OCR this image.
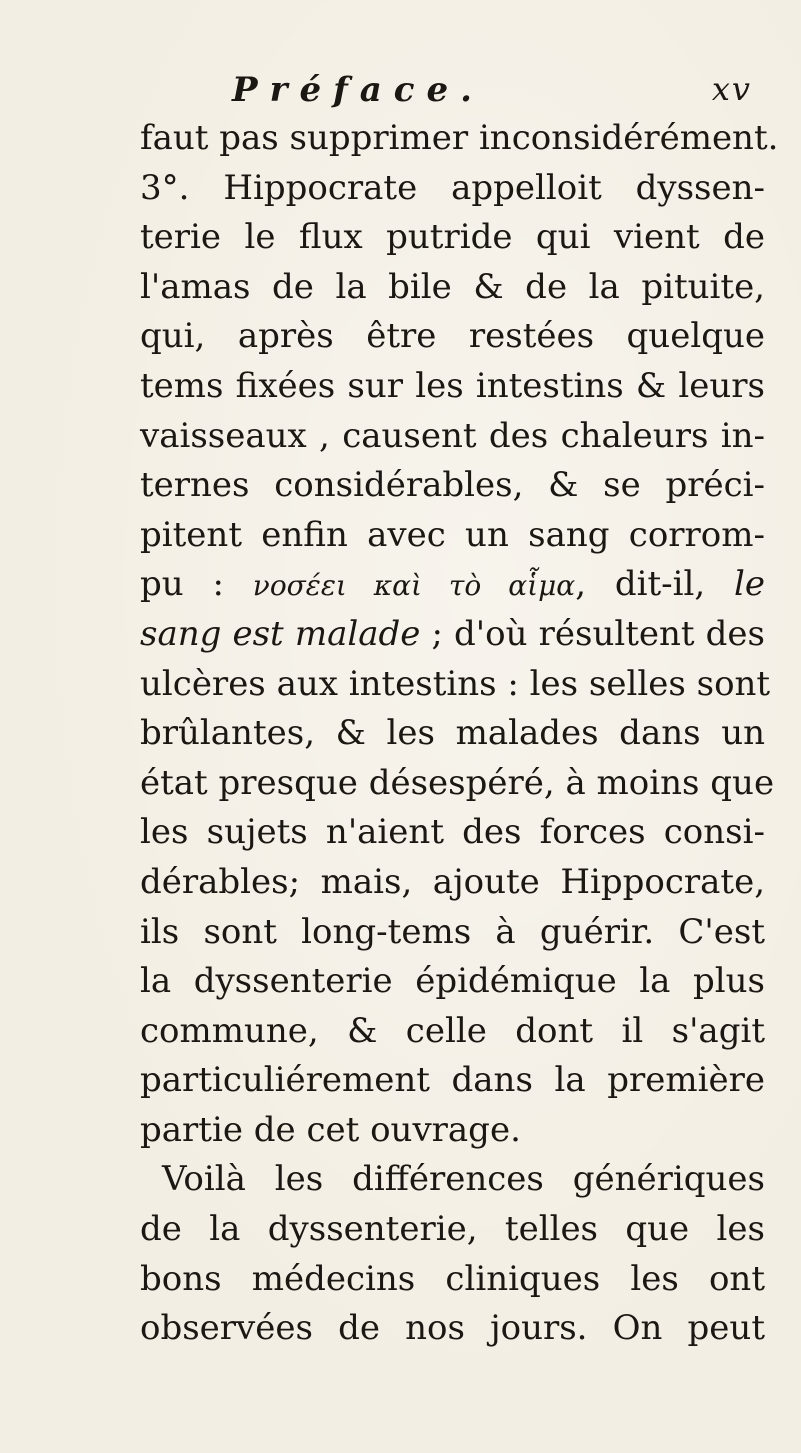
Préface.	xv
faut pas supprimer inconsidérément.
3°. Hippocrate appelloit dyssen-
terie le flux putride qui vient de
l'amas de la bile & de la pituite,
qui, après être restées quelque
tems fixées sur les intestins & leurs
vaisseaux , causent des chaleurs in-
ternes considérables, & se préci-
pitent enfin avec un sang corrom-
pu : νοσέει καὶ τὸ αἷμα, dit-il, le
sang est malade ; d'où résultent des
ulcères aux intestins : les selles sont
brûlantes, & les malades dans un
état presque désespéré, à moins que
les sujets n'aient des forces consi-
dérables; mais, ajoute Hippocrate,
ils sont long-tems à guérir. C'est
la dyssenterie épidémique la plus
commune, & celle dont il s'agit
particuliérement dans la première
partie de cet ouvrage.
Voilà les différences génériques
de la dyssenterie, telles que les
bons médecins cliniques les ont
observées de nos jours. On peut
